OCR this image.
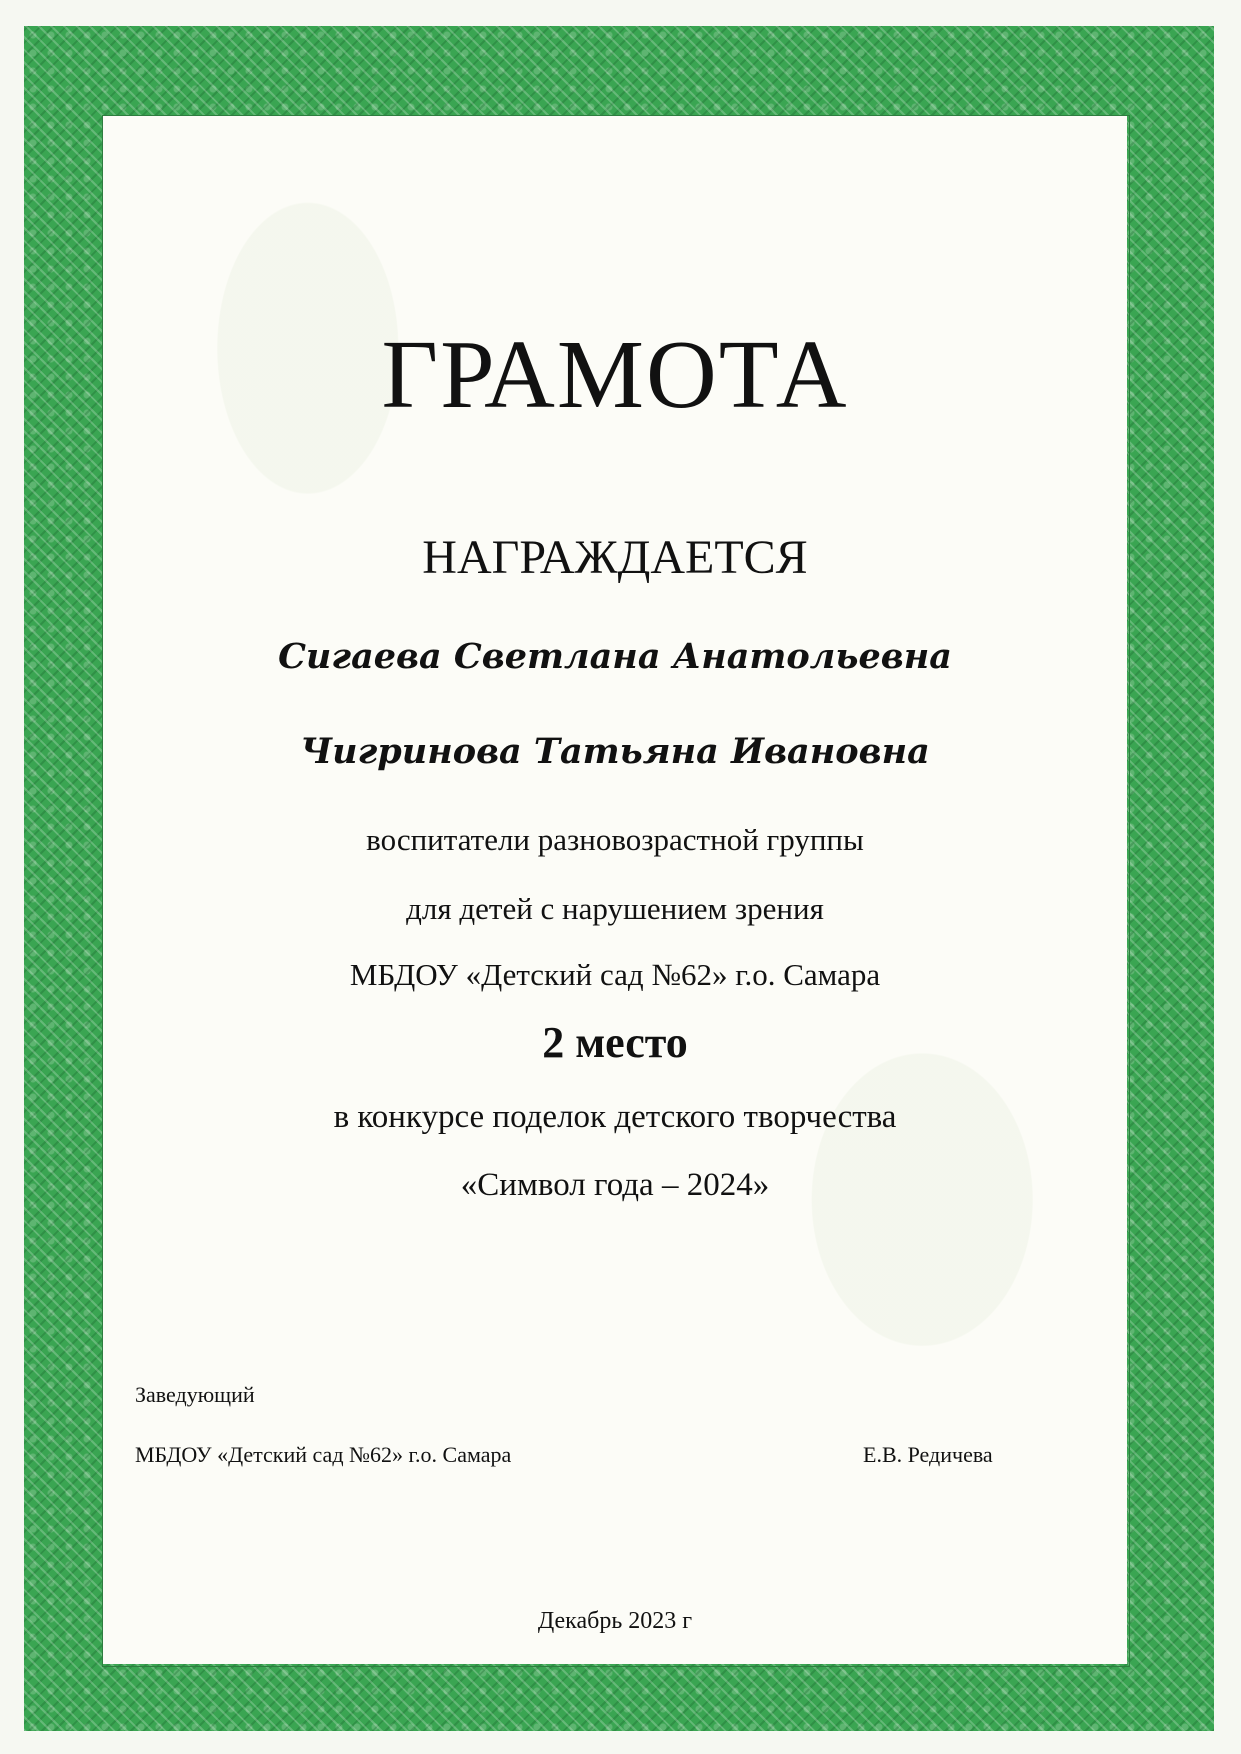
ГРАМОТА
НАГРАЖДАЕТСЯ
Сигаева Светлана Анатольевна
Чигринова Татьяна Ивановна
воспитатели разновозрастной группы
для детей с нарушением зрения
МБДОУ «Детский сад №62» г.о. Самара
2 место
в конкурсе поделок детского творчества
«Символ года – 2024»
Заведующий
МБДОУ «Детский сад №62» г.о. Самара	Е.В. Редичева
Декабрь 2023 г
